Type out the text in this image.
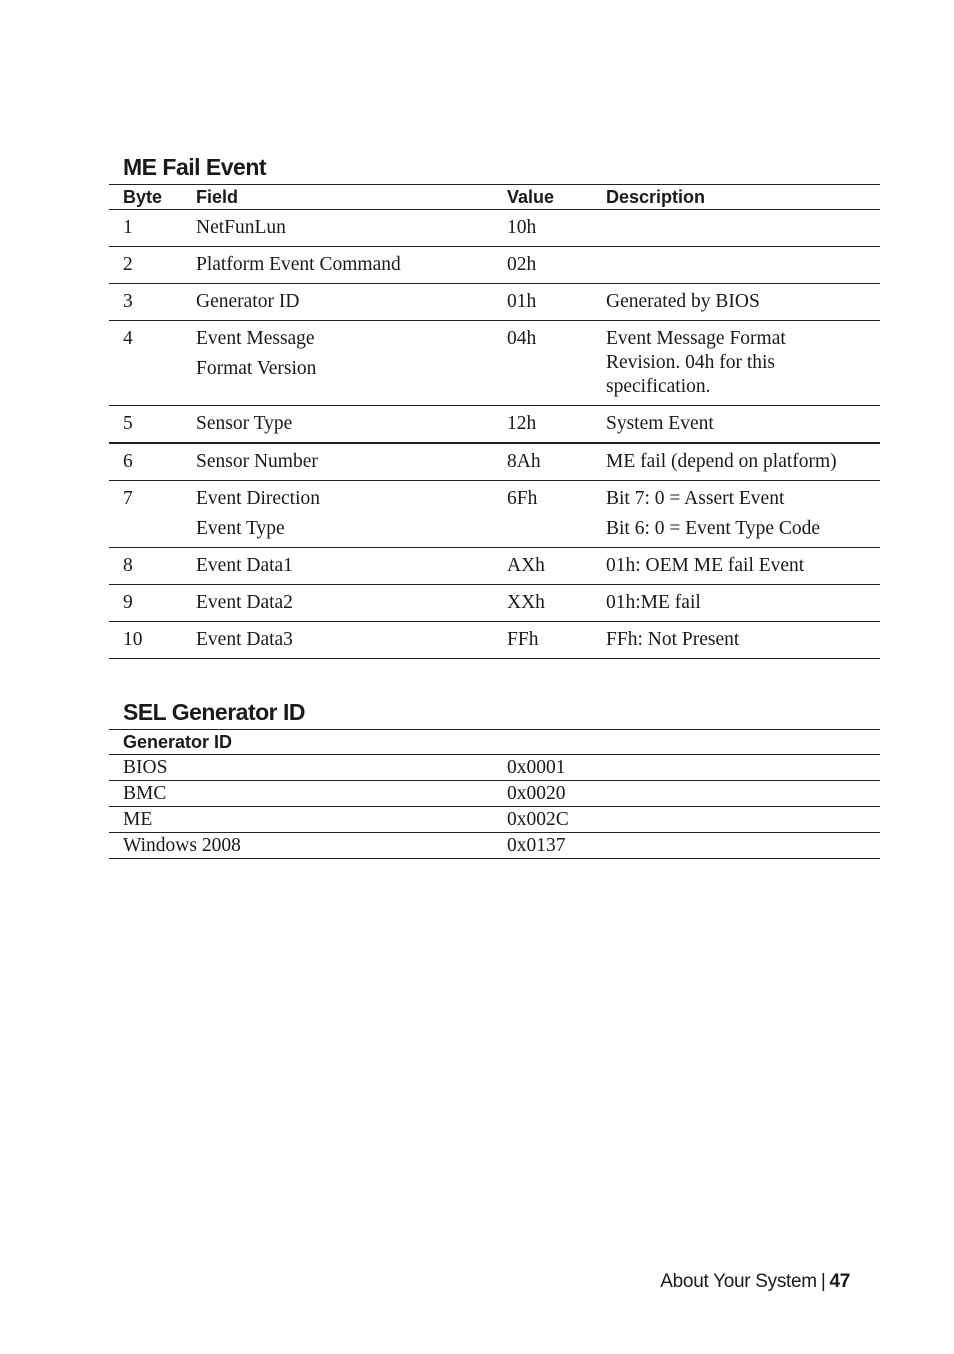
ME Fail Event
Byte	Field	Value	Description
1	NetFunLun	10h	

2	Platform Event Command	02h	

3	Generator ID	01h	Generated by BIOS

4	Event Message
Format Version	04h	Event Message Format
Revision. 04h for this
specification.

5	Sensor Type	12h	System Event

6	Sensor Number	8Ah	ME fail (depend on platform)

7	Event Direction
Event Type	6Fh	Bit 7: 0 = Assert Event
Bit 6: 0 = Event Type Code

8	Event Data1	AXh	01h: OEM ME fail Event

9	Event Data2	XXh	01h:ME fail

10	Event Data3	FFh	FFh: Not Present
SEL Generator ID
Generator ID	
BIOS	0x0001
BMC	0x0020
ME	0x002C
Windows 2008	0x0137
About Your System | 47
